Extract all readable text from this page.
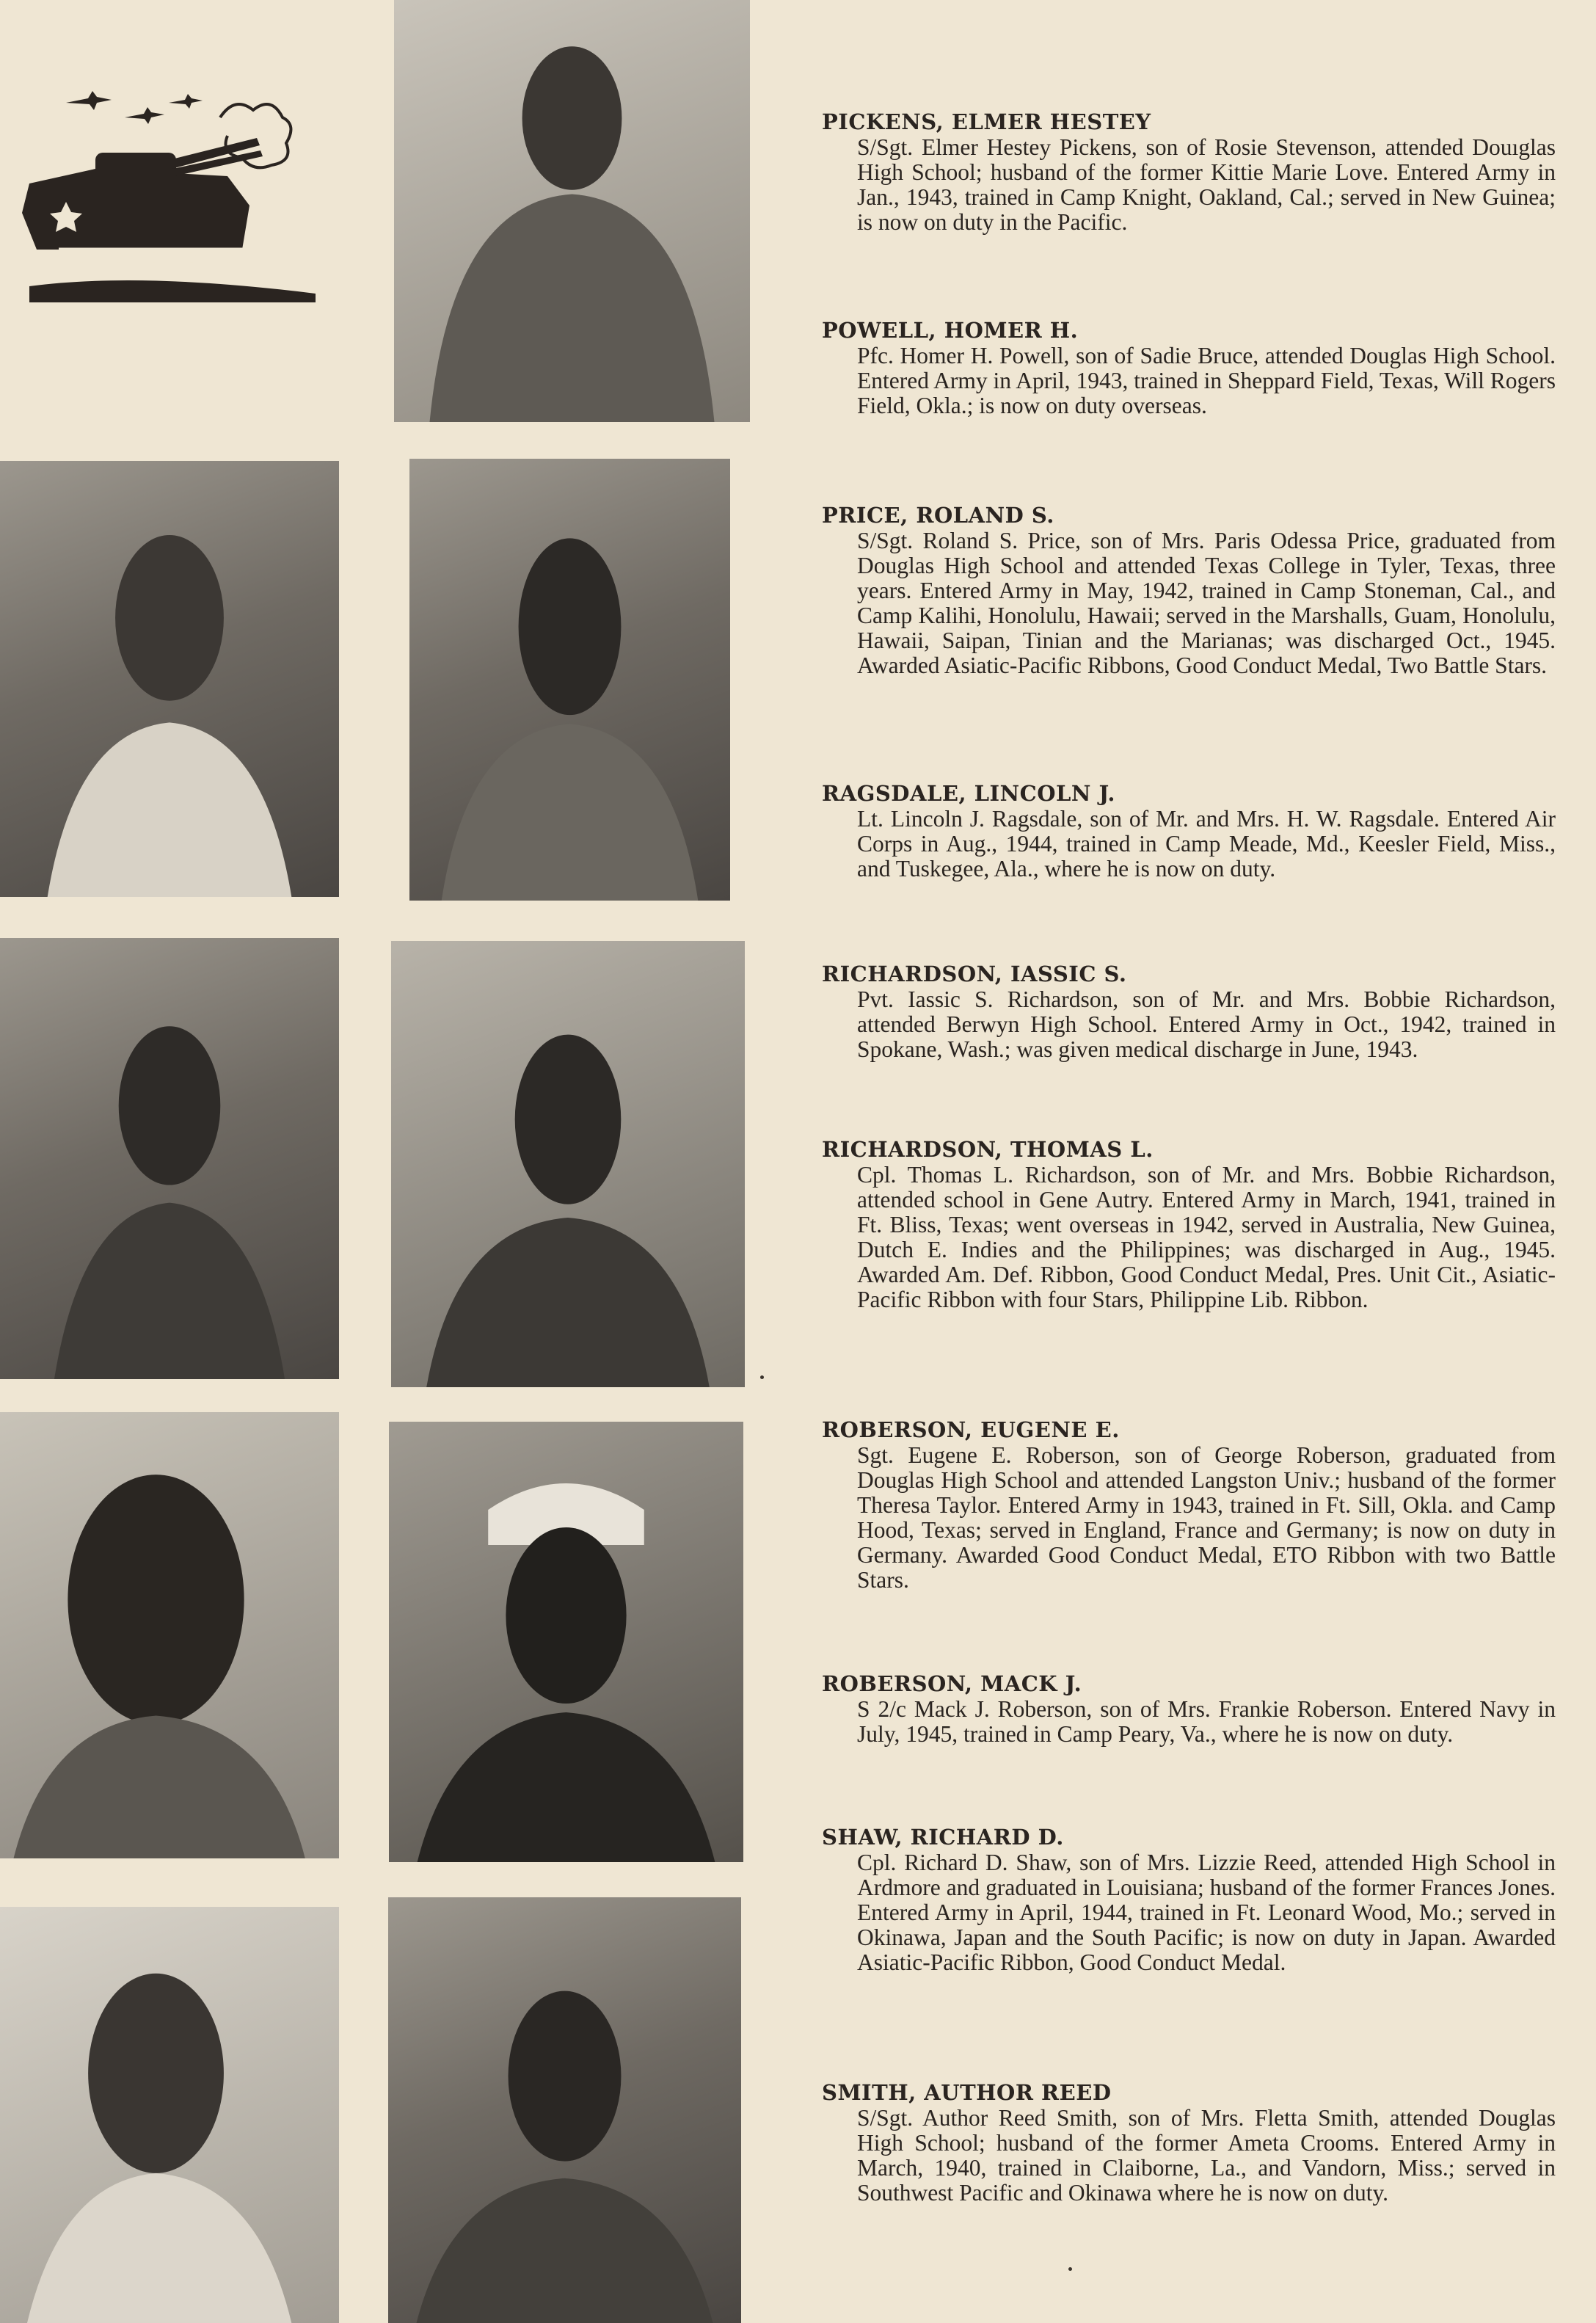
PICKENS, ELMER HESTEY

S/Sgt. Elmer Hestey Pickens, son of Rosie Stevenson, attended Douıglas High School; husband of the former Kittie Marie Love. Entered Army in Jan., 1943, trained in Camp Knight, Oakland, Cal.; served in New Guinea; is now on duty in the Pacific.

POWELL, HOMER H.

Pfc. Homer H. Powell, son of Sadie Bruce, attended Douglas High School. Entered Army in April, 1943, trained in Sheppard Field, Texas, Will Rogers Field, Okla.; is now on duty overseas.

PRICE, ROLAND S.

S/Sgt. Roland S. Price, son of Mrs. Paris Odessa Price, graduated from Douglas High School and attended Texas College in Tyler, Texas, three years. Entered Army in May, 1942, trained in Camp Stoneman, Cal., and Camp Kalihi, Honolulu, Hawaii; served in the Marshalls, Guam, Honolulu, Hawaii, Saipan, Tinian and the Marianas; was discharged Oct., 1945. Awarded Asiatic-Pacific Ribbons, Good Conduct Medal, Two Battle Stars.

RAGSDALE, LINCOLN J.

Lt. Lincoln J. Ragsdale, son of Mr. and Mrs. H. W. Ragsdale. Entered Air Corps in Aug., 1944, trained in Camp Meade, Md., Keesler Field, Miss., and Tuskegee, Ala., where he is now on duty.

RICHARDSON, IASSIC S.

Pvt. Iassic S. Richardson, son of Mr. and Mrs. Bobbie Richardson, attended Berwyn High School. Entered Army in Oct., 1942, trained in Spokane, Wash.; was given medical discharge in June, 1943.

RICHARDSON, THOMAS L.

Cpl. Thomas L. Richardson, son of Mr. and Mrs. Bobbie Richardson, attended school in Gene Autry. Entered Army in March, 1941, trained in Ft. Bliss, Texas; went overseas in 1942, served in Australia, New Guinea, Dutch E. Indies and the Philippines; was discharged in Aug., 1945. Awarded Am. Def. Ribbon, Good Conduct Medal, Pres. Unit Cit., Asiatic-Pacific Ribbon with four Stars, Philippine Lib. Ribbon.

ROBERSON, EUGENE E.

Sgt. Eugene E. Roberson, son of George Roberson, graduated from Douglas High School and attended Langston Univ.; husband of the former Theresa Taylor. Entered Army in 1943, trained in Ft. Sill, Okla. and Camp Hood, Texas; served in England, France and Germany; is now on duty in Germany. Awarded Good Conduct Medal, ETO Ribbon with two Battle Stars.

ROBERSON, MACK J.

S 2/c Mack J. Roberson, son of Mrs. Frankie Roberson. Entered Navy in July, 1945, trained in Camp Peary, Va., where he is now on duty.

SHAW, RICHARD D.

Cpl. Richard D. Shaw, son of Mrs. Lizzie Reed, attended High School in Ardmore and graduated in Louisiana; husband of the former Frances Jones. Entered Army in April, 1944, trained in Ft. Leonard Wood, Mo.; served in Okinawa, Japan and the South Pacific; is now on duty in Japan. Awarded Asiatic-Pacific Ribbon, Good Conduct Medal.

SMITH, AUTHOR REED

S/Sgt. Author Reed Smith, son of Mrs. Fletta Smith, attended Douglas High School; husband of the former Ameta Crooms. Entered Army in March, 1940, trained in Claiborne, La., and Vandorn, Miss.; served in Southwest Pacific and Okinawa where he is now on duty.
